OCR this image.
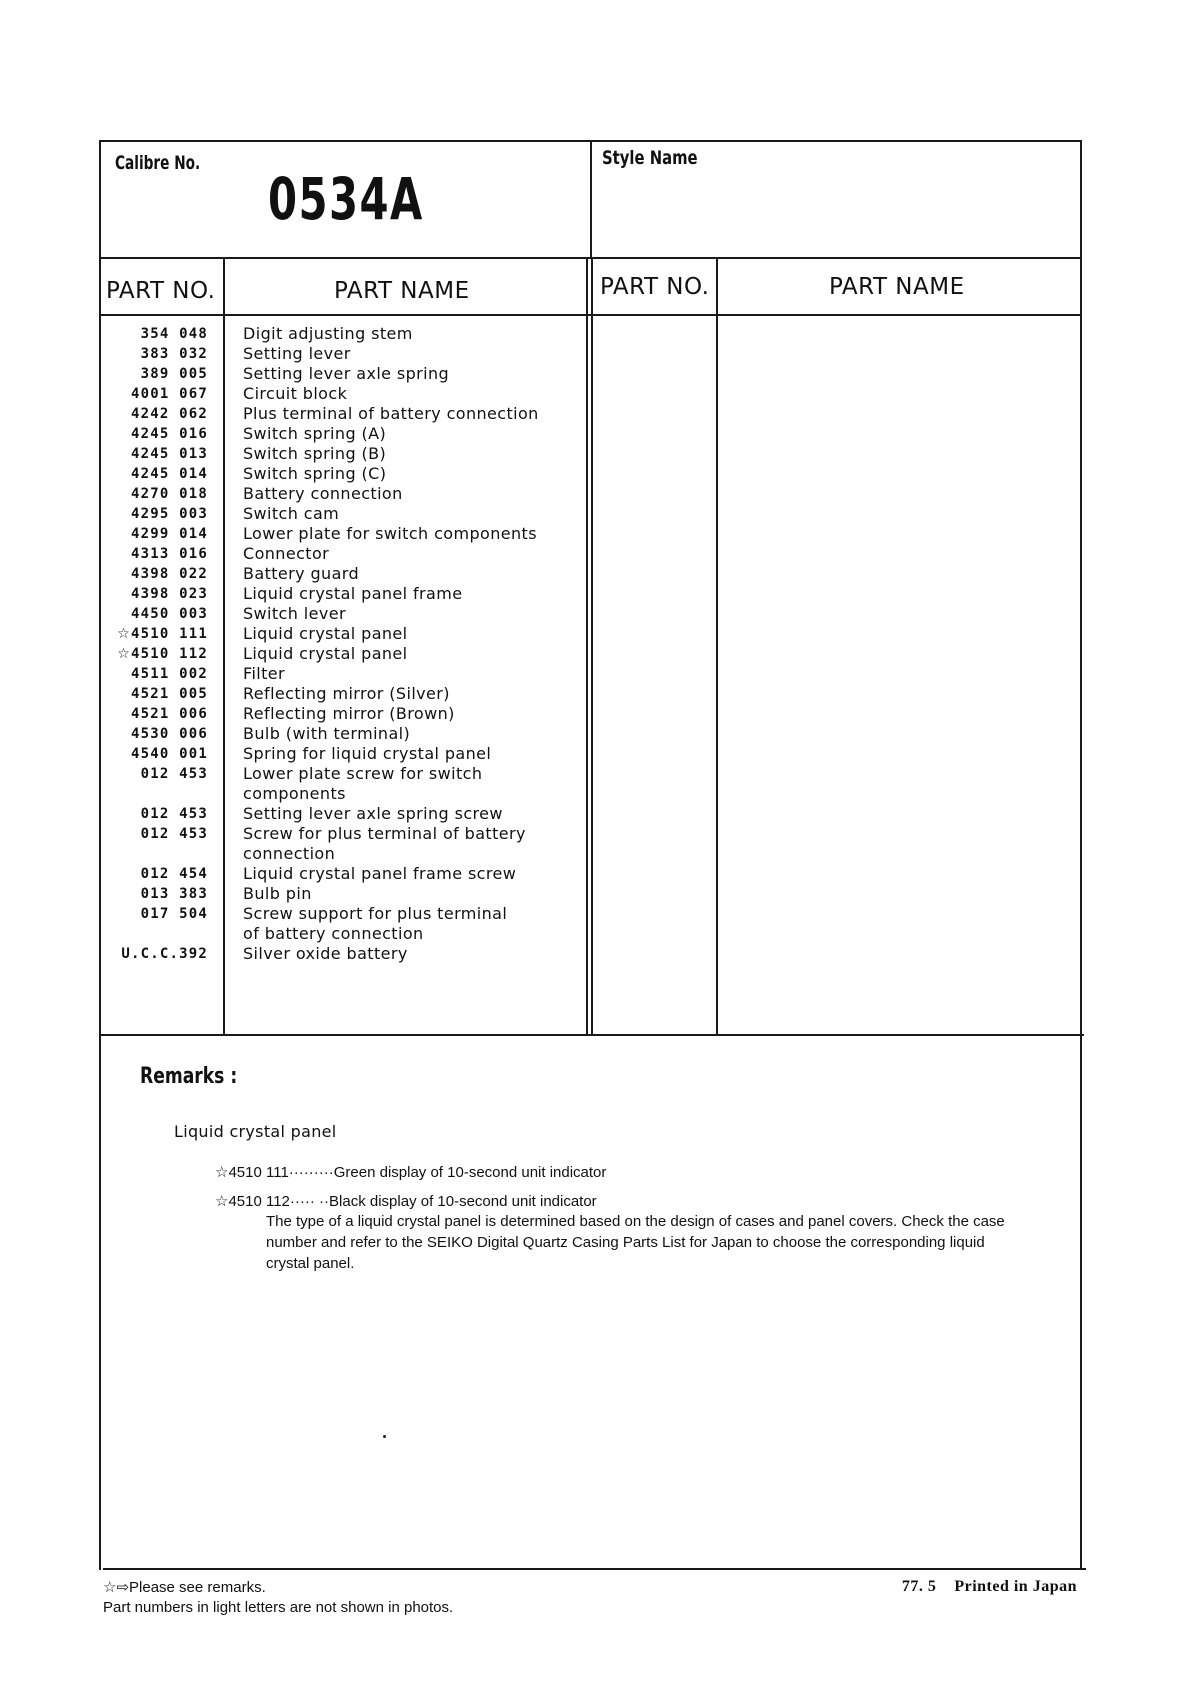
Calibre No.
0534A
Style Name
PART NO.	PART NAME	PART NO.	PART NAME
354 048 Digit adjusting stem
383 032 Setting lever
389 005 Setting lever axle spring
4001 067 Circuit block
4242 062 Plus terminal of battery connection
4245 016 Switch spring (A)
4245 013 Switch spring (B)
4245 014 Switch spring (C)
4270 018 Battery connection
4295 003 Switch cam
4299 014 Lower plate for switch components
4313 016 Connector
4398 022 Battery guard
4398 023 Liquid crystal panel frame
4450 003 Switch lever
☆4510 111 Liquid crystal panel
☆4510 112 Liquid crystal panel
4511 002 Filter
4521 005 Reflecting mirror (Silver)
4521 006 Reflecting mirror (Brown)
4530 006 Bulb (with terminal)
4540 001 Spring for liquid crystal panel
012 453 Lower plate screw for switch components
012 453 Setting lever axle spring screw
012 453 Screw for plus terminal of battery connection
012 454 Liquid crystal panel frame screw
013 383 Bulb pin
017 504 Screw support for plus terminal of battery connection
U.C.C.392 Silver oxide battery
Remarks :
Liquid crystal panel
☆4510 111·········Green display of 10-second unit indicator
☆4510 112····· ··Black display of 10-second unit indicator
The type of a liquid crystal panel is determined based on the design of cases and panel covers. Check the case number and refer to the SEIKO Digital Quartz Casing Parts List for Japan to choose the corresponding liquid crystal panel.
☆⇨Please see remarks.
Part numbers in light letters are not shown in photos.
77. 5 Printed in Japan
